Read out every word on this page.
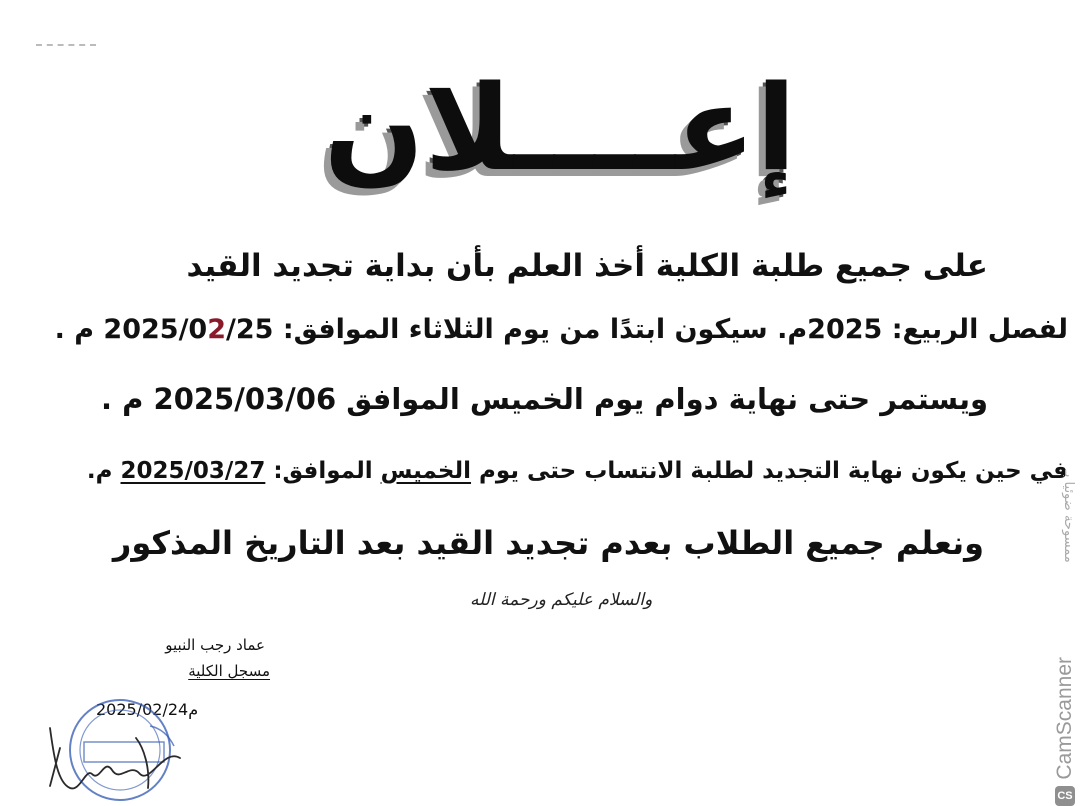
إعــــلان
على جميع طلبة الكلية أخذ العلم بأن بداية تجديد القيد
لفصل الربيع: 2025م. سيكون ابتدًا من يوم الثلاثاء الموافق: 2025/02/25 م .
ويستمر حتى نهاية دوام يوم الخميس الموافق 2025/03/06 م .
في حين يكون نهاية التجديد لطلبة الانتساب حتى يوم الخميس الموافق: 2025/03/27 م.
ونعلم جميع الطلاب بعدم تجديد القيد بعد التاريخ المذكور
والسلام عليكم ورحمة الله
عماد رجب النبيو
مسجل الكلية
2025/02/24م
ممسوحة ضوئيا بـ
CamScanner
CS
